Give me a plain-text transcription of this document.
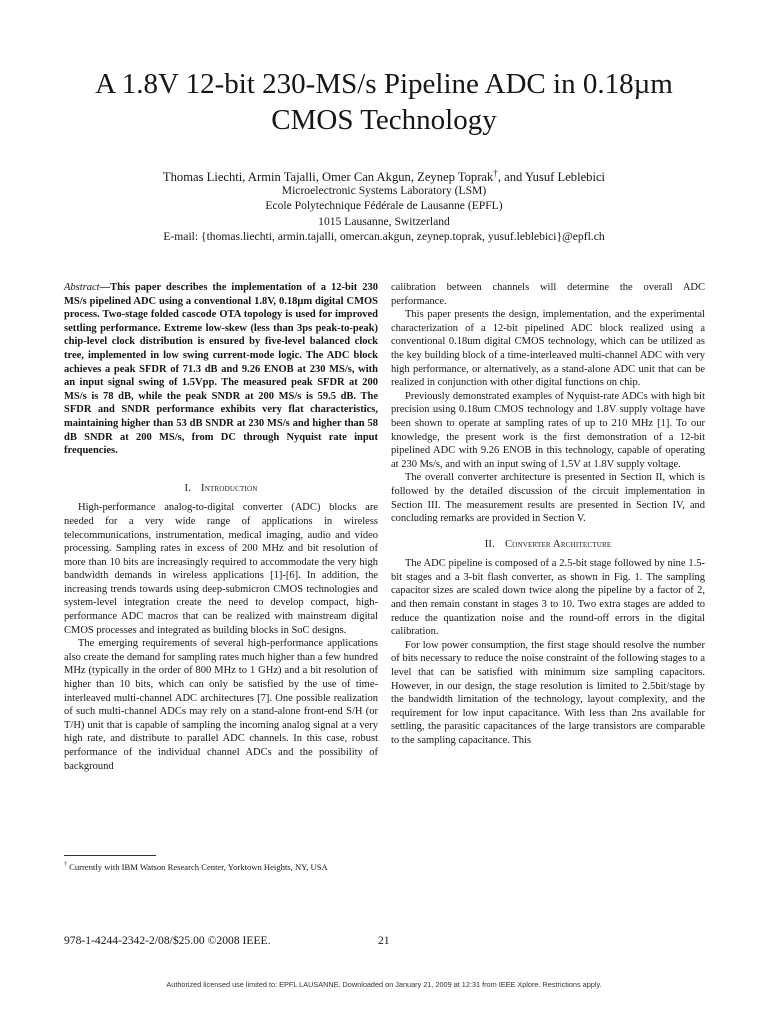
A 1.8V 12-bit 230-MS/s Pipeline ADC in 0.18µm
CMOS Technology
Thomas Liechti, Armin Tajalli, Omer Can Akgun, Zeynep Toprak†, and Yusuf Leblebici
Microelectronic Systems Laboratory (LSM)
Ecole Polytechnique Fédérale de Lausanne (EPFL)
1015 Lausanne, Switzerland
E-mail: {thomas.liechti, armin.tajalli, omercan.akgun, zeynep.toprak, yusuf.leblebici}@epfl.ch

Abstract—This paper describes the implementation of a 12-bit 230 MS/s pipelined ADC using a conventional 1.8V, 0.18µm digital CMOS process. Two-stage folded cascode OTA topology is used for improved settling performance. Extreme low-skew (less than 3ps peak-to-peak) chip-level clock distribution is ensured by five-level balanced clock tree, implemented in low swing current-mode logic. The ADC block achieves a peak SFDR of 71.3 dB and 9.26 ENOB at 230 MS/s, with an input signal swing of 1.5Vpp. The measured peak SFDR at 200 MS/s is 78 dB, while the peak SNDR at 200 MS/s is 59.5 dB. The SFDR and SNDR performance exhibits very flat characteristics, maintaining higher than 53 dB SNDR at 230 MS/s and higher than 58 dB SNDR at 200 MS/s, from DC through Nyquist rate input frequencies.

I. Introduction

High-performance analog-to-digital converter (ADC) blocks are needed for a very wide range of applications in wireless telecommunications, instrumentation, medical imaging, audio and video processing. Sampling rates in excess of 200 MHz and bit resolution of more than 10 bits are increasingly required to accommodate the very high bandwidth demands in wireless applications [1]-[6]. In addition, the increasing trends towards using deep-submicron CMOS technologies and system-level integration create the need to develop compact, high-performance ADC macros that can be realized with mainstream digital CMOS processes and integrated as building blocks in SoC designs.

The emerging requirements of several high-performance applications also create the demand for sampling rates much higher than a few hundred MHz (typically in the order of 800 MHz to 1 GHz) and a bit resolution of higher than 10 bits, which can only be satisfied by the use of time-interleaved multi-channel ADC architectures [7]. One possible realization of such multi-channel ADCs may rely on a stand-alone front-end S/H (or T/H) unit that is capable of sampling the incoming analog signal at a very high rate, and distribute to parallel ADC channels. In this case, robust performance of the individual channel ADCs and the possibility of background

calibration between channels will determine the overall ADC performance.

This paper presents the design, implementation, and the experimental characterization of a 12-bit pipelined ADC block realized using a conventional 0.18um digital CMOS technology, which can be utilized as the key building block of a time-interleaved multi-channel ADC with very high performance, or alternatively, as a stand-alone ADC unit that can be realized in conjunction with other digital functions on chip.

Previously demonstrated examples of Nyquist-rate ADCs with high bit precision using 0.18um CMOS technology and 1.8V supply voltage have been shown to operate at sampling rates of up to 210 MHz [1]. To our knowledge, the present work is the first demonstration of a 12-bit pipelined ADC with 9.26 ENOB in this technology, capable of operating at 230 Ms/s, and with an input swing of 1.5V at 1.8V supply voltage.

The overall converter architecture is presented in Section II, which is followed by the detailed discussion of the circuit implementation in Section III. The measurement results are presented in Section IV, and concluding remarks are provided in Section V.

II. Converter Architecture

The ADC pipeline is composed of a 2.5-bit stage followed by nine 1.5-bit stages and a 3-bit flash converter, as shown in Fig. 1. The sampling capacitor sizes are scaled down twice along the pipeline by a factor of 2, and then remain constant in stages 3 to 10. Two extra stages are added to reduce the quantization noise and the round-off errors in the digital calibration.

For low power consumption, the first stage should resolve the number of bits necessary to reduce the noise constraint of the following stages to a level that can be satisfied with minimum size sampling capacitors. However, in our design, the stage resolution is limited to 2.5bit/stage by the bandwidth limitation of the technology, layout complexity, and the requirement for low input capacitance. With less than 2ns available for settling, the parasitic capacitances of the large transistors are comparable to the sampling capacitance. This

† Currently with IBM Watson Research Center, Yorktown Heights, NY, USA
978-1-4244-2342-2/08/$25.00 ©2008 IEEE.	21
Authorized licensed use limited to: EPFL LAUSANNE. Downloaded on January 21, 2009 at 12:31 from IEEE Xplore. Restrictions apply.
